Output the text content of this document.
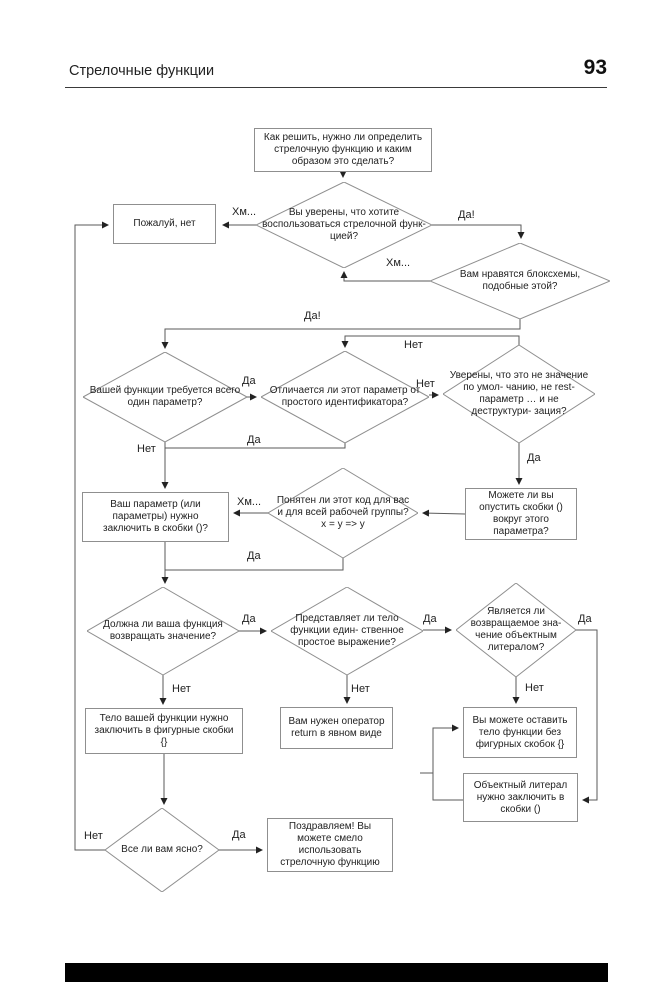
Стрелочные функции	93
Как решить, нужно ли определить стрелочную функцию и каким образом это сделать?
Пожалуй, нет
Ваш параметр (или параметры) нужно заключить в скобки ()?
Можете ли вы опустить скобки () вокруг этого параметра?
Тело вашей функции нужно заключить в фигурные скобки {}
Вам нужен оператор return в явном виде
Вы можете оставить тело функции без фигурных скобок {}
Объектный литерал нужно заключить в скобки ()
Поздравляем! Вы можете смело использовать стрелочную функцию
Вы уверены, что хотите воспользоваться стрелочной функ- цией?
Вам нравятся блоксхемы, подобные этой?
Вашей функции требуется всего один параметр?
Отличается ли этот параметр от простого идентификатора?
Уверены, что это не значение по умол- чанию, не rest-параметр … и не деструктури- зация?
Понятен ли этот код для вас и для всей рабочей группы?
x = y => y
Должна ли ваша функция возвращать значение?
Представляет ли тело функции един- ственное простое выражение?
Является ли возвращаемое зна- чение объектным литералом?
Все ли вам ясно?
Хм...	Да!
Хм...
Да!
Нет
Да	Нет
Нет
Да
Да
Хм...
Да
Да	Да	Да
Нет	Нет	Нет
Нет	Да
